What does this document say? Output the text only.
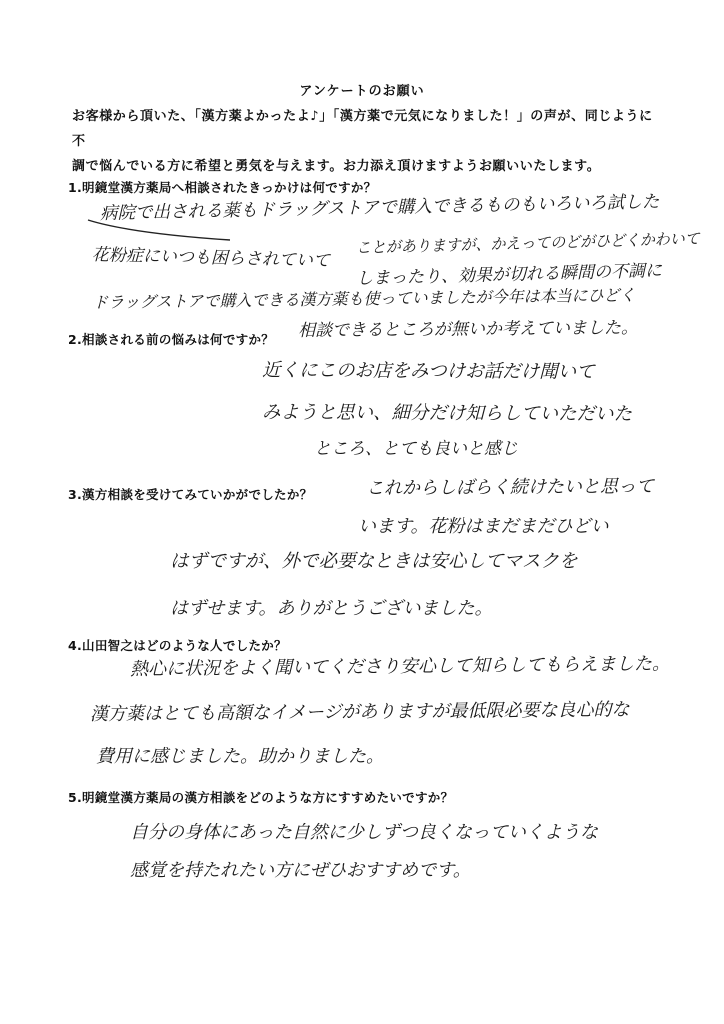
アンケートのお願い

お客様から頂いた、「漢方薬よかったよ♪」「漢方薬で元気になりました！」の声が、同じように不

調で悩んでいる方に希望と勇気を与えます。お力添え頂けますようお願いいたします。

1.明鏡堂漢方薬局へ相談されたきっかけは何ですか？
病院で出される薬もドラッグストアで購入できるものもいろいろ試した
花粉症にいつも困らされていて
ことがありますが、かえってのどがひどくかわいて
しまったり、効果が切れる瞬間の不調に
ドラッグストアで購入できる漢方薬も使っていましたが今年は本当にひどく
2.相談される前の悩みは何ですか？ 相談できるところが無いか考えていました。
近くにこのお店をみつけお話だけ聞いて
みようと思い、細分だけ知らしていただいた
ところ、とても良いと感じ
3.漢方相談を受けてみていかがでしたか？	これからしばらく続けたいと思って
います。花粉はまだまだひどい
はずですが、外で必要なときは安心してマスクを
はずせます。ありがとうございました。
4.山田智之はどのような人でしたか？
熱心に状況をよく聞いてくださり安心して知らしてもらえました。
漢方薬はとても高額なイメージがありますが最低限必要な良心的な
費用に感じました。助かりました。
5.明鏡堂漢方薬局の漢方相談をどのような方にすすめたいですか？
自分の身体にあった自然に少しずつ良くなっていくような
感覚を持たれたい方にぜひおすすめです。
